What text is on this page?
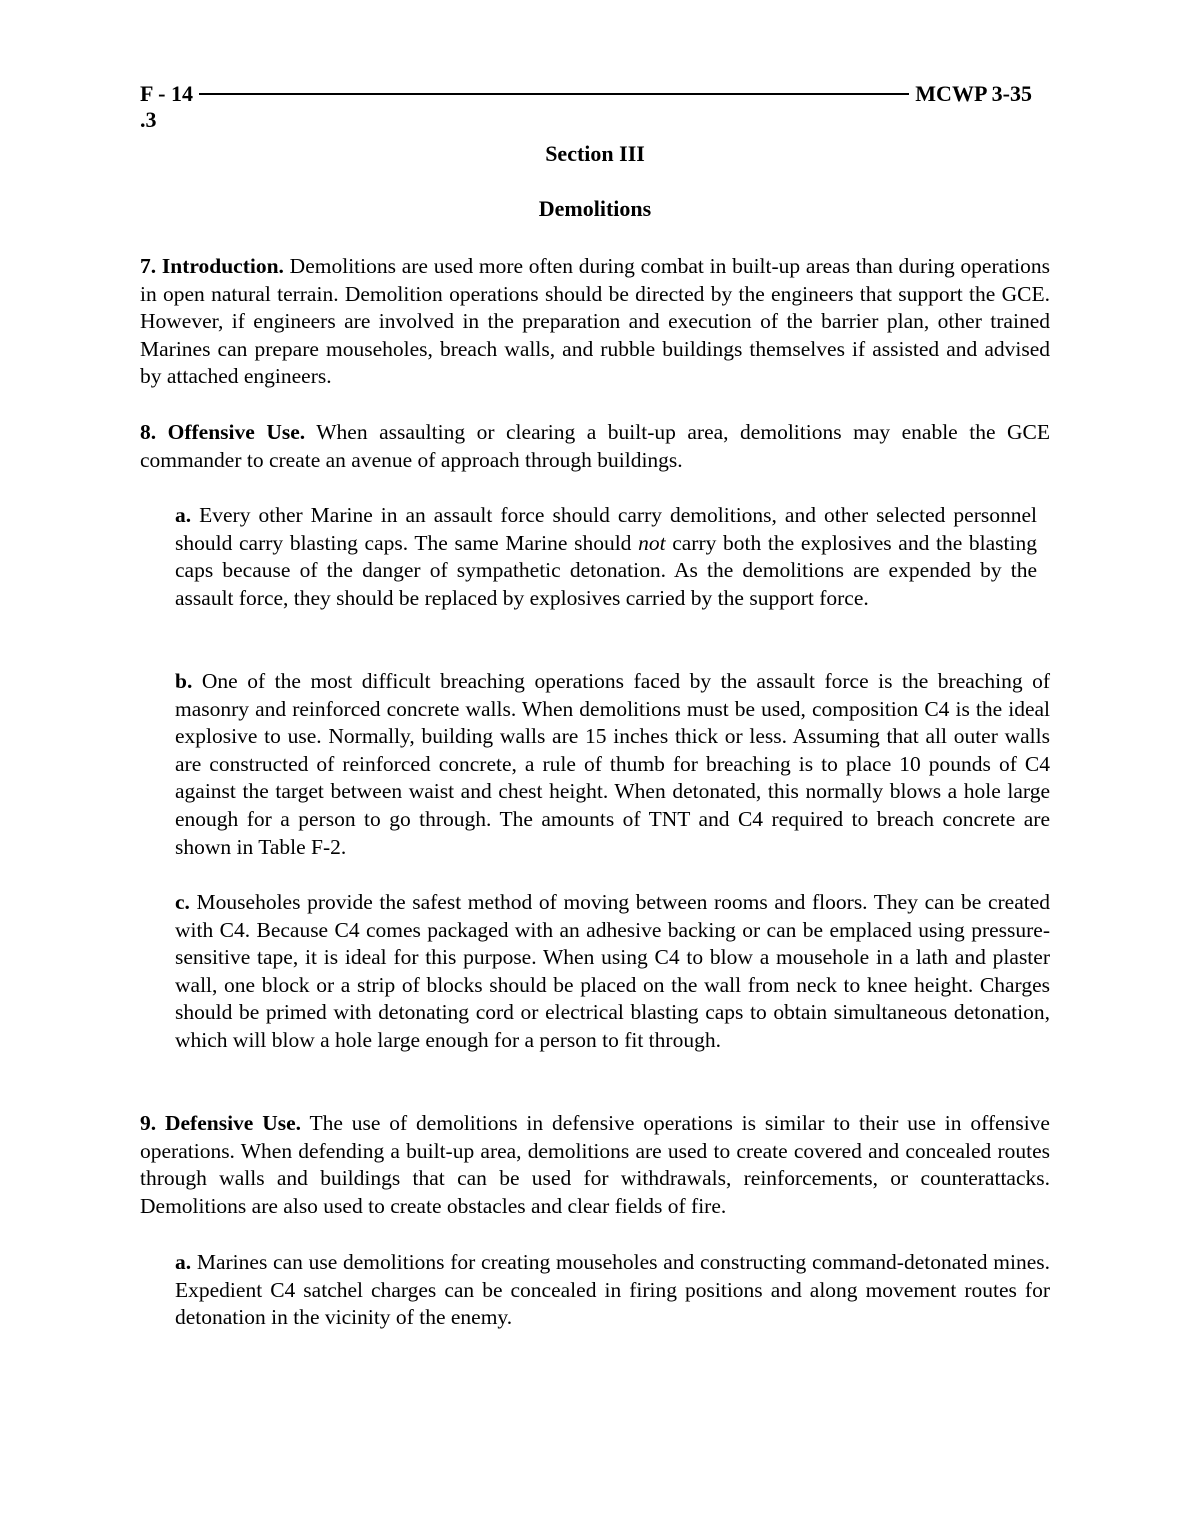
F - 14	MCWP 3-35
.3
Section III
Demolitions

7. Introduction. Demolitions are used more often during combat in built-up areas than during operations in open natural terrain. Demolition operations should be directed by the engineers that support the GCE. However, if engineers are involved in the preparation and execution of the barrier plan, other trained Marines can prepare mouseholes, breach walls, and rubble buildings themselves if assisted and advised by attached engineers.

8. Offensive Use. When assaulting or clearing a built-up area, demolitions may enable the GCE commander to create an avenue of approach through buildings.

a. Every other Marine in an assault force should carry demolitions, and other selected personnel should carry blasting caps. The same Marine should not carry both the explosives and the blasting caps because of the danger of sympathetic detonation. As the demolitions are expended by the assault force, they should be replaced by explosives carried by the support force.

b. One of the most difficult breaching operations faced by the assault force is the breaching of masonry and reinforced concrete walls. When demolitions must be used, composition C4 is the ideal explosive to use. Normally, building walls are 15 inches thick or less. Assuming that all outer walls are constructed of reinforced concrete, a rule of thumb for breaching is to place 10 pounds of C4 against the target between waist and chest height. When detonated, this normally blows a hole large enough for a person to go through. The amounts of TNT and C4 required to breach concrete are shown in Table F-2.

c. Mouseholes provide the safest method of moving between rooms and floors. They can be created with C4. Because C4 comes packaged with an adhesive backing or can be emplaced using pressure-sensitive tape, it is ideal for this purpose. When using C4 to blow a mousehole in a lath and plaster wall, one block or a strip of blocks should be placed on the wall from neck to knee height. Charges should be primed with detonating cord or electrical blasting caps to obtain simultaneous detonation, which will blow a hole large enough for a person to fit through.

9. Defensive Use. The use of demolitions in defensive operations is similar to their use in offensive operations. When defending a built-up area, demolitions are used to create covered and concealed routes through walls and buildings that can be used for withdrawals, reinforcements, or counterattacks. Demolitions are also used to create obstacles and clear fields of fire.

a. Marines can use demolitions for creating mouseholes and constructing command-detonated mines. Expedient C4 satchel charges can be concealed in firing positions and along movement routes for detonation in the vicinity of the enemy.
